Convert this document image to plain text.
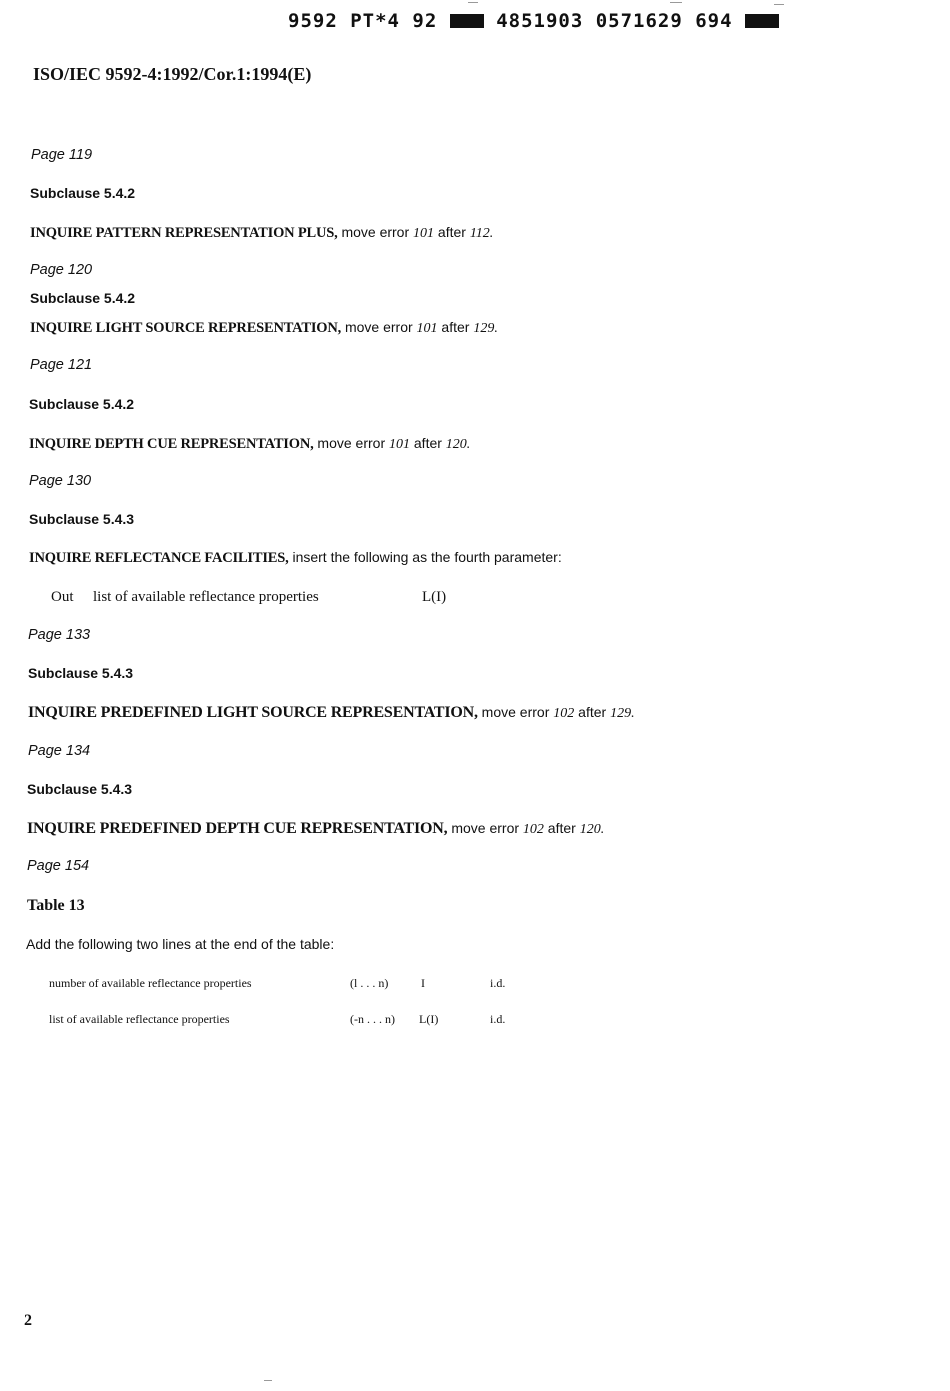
9592 PT*4 92	4851903 0571629 694
ISO/IEC 9592-4:1992/Cor.1:1994(E)
Page 119
Subclause 5.4.2
INQUIRE PATTERN REPRESENTATION PLUS, move error 101 after 112.
Page 120
Subclause 5.4.2
INQUIRE LIGHT SOURCE REPRESENTATION, move error 101 after 129.
Page 121
Subclause 5.4.2
INQUIRE DEPTH CUE REPRESENTATION, move error 101 after 120.
Page 130
Subclause 5.4.3
INQUIRE REFLECTANCE FACILITIES, insert the following as the fourth parameter:
Out list of available reflectance properties	L(I)
Page 133
Subclause 5.4.3
INQUIRE PREDEFINED LIGHT SOURCE REPRESENTATION, move error 102 after 129.
Page 134
Subclause 5.4.3
INQUIRE PREDEFINED DEPTH CUE REPRESENTATION, move error 102 after 120.
Page 154
Table 13
Add the following two lines at the end of the table:
number of available reflectance properties	(l . . . n)	I	i.d.
list of available reflectance properties	(-n . . . n) L(I)	i.d.
2
